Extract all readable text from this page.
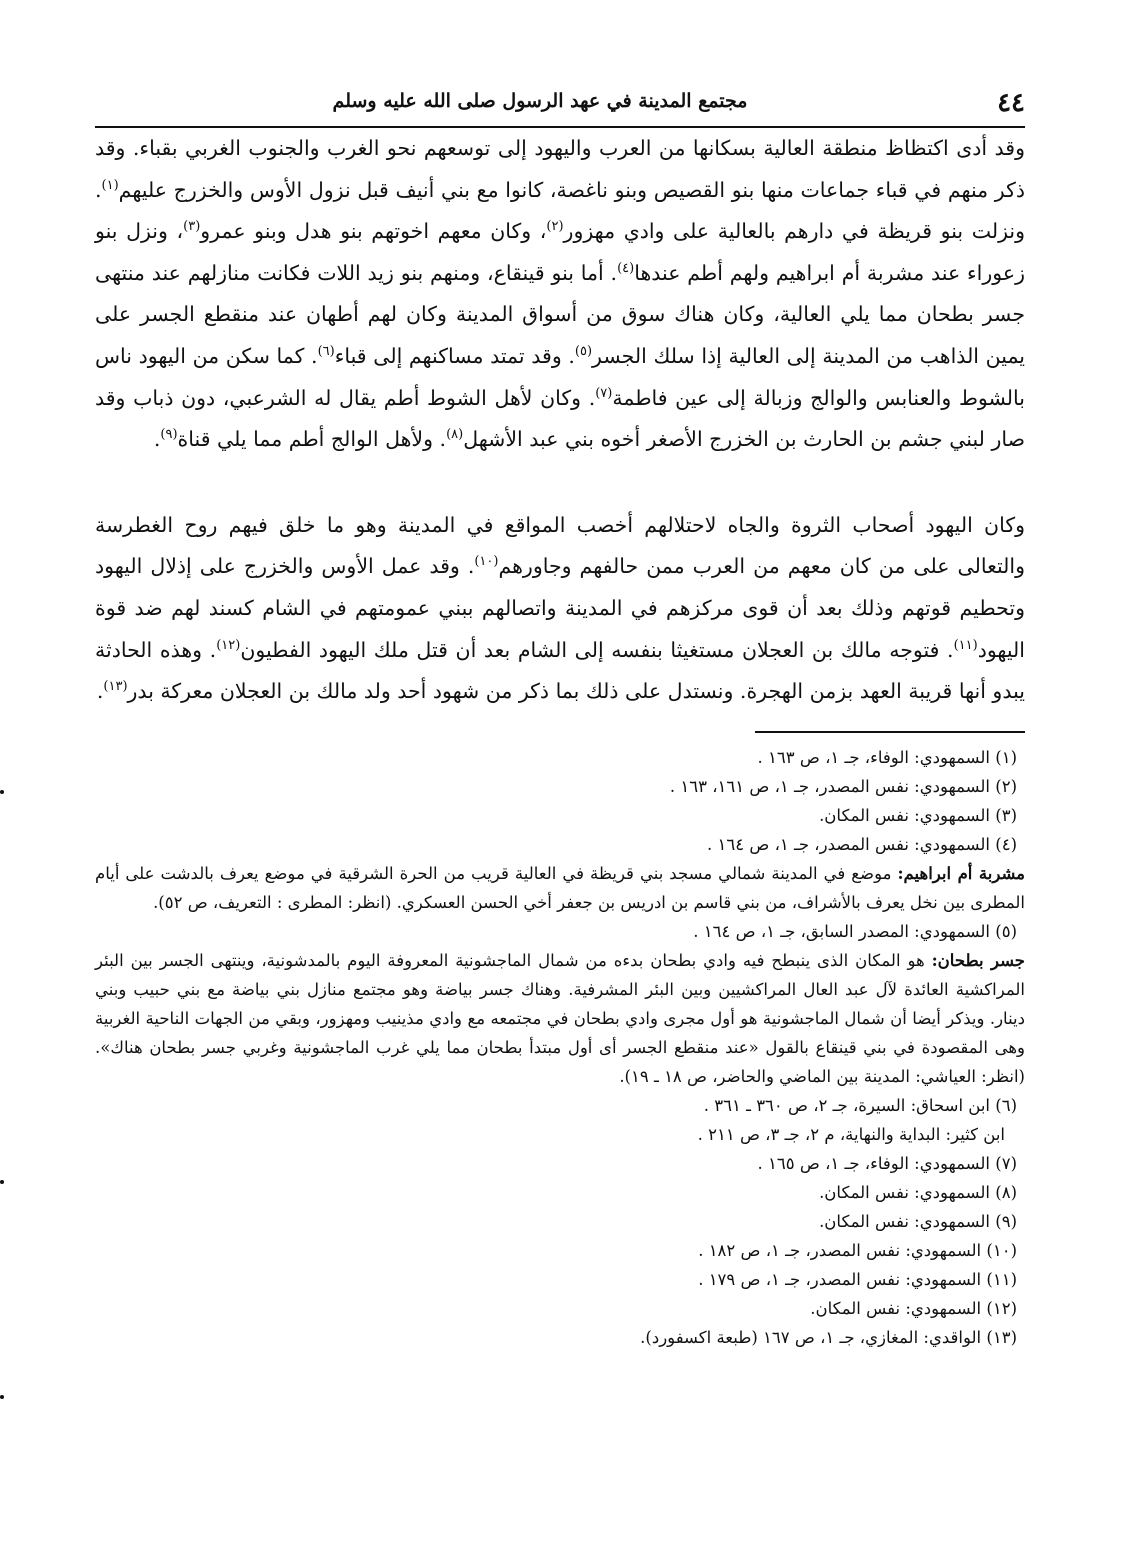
٤٤
مجتمع المدينة في عهد الرسول صلى الله عليه وسلم

وقد أدى اكتظاظ منطقة العالية بسكانها من العرب واليهود إلى توسعهم نحو الغرب والجنوب الغربي بقباء. وقد ذكر منهم في قباء جماعات منها بنو القصيص وبنو ناغصة، كانوا مع بني أنيف قبل نزول الأوس والخزرج عليهم$^{(١)}$. ونزلت بنو قريظة في دارهم بالعالية على وادي مهزور$^{(٢)}$، وكان معهم اخوتهم بنو هدل وبنو عمرو$^{(٣)}$، ونزل بنو زعوراء عند مشربة أم ابراهيم ولهم أطم عندها$^{(٤)}$. أما بنو قينقاع، ومنهم بنو زيد اللات فكانت منازلهم عند منتهى جسر بطحان مما يلي العالية، وكان هناك سوق من أسواق المدينة وكان لهم أطهان عند منقطع الجسر على يمين الذاهب من المدينة إلى العالية إذا سلك الجسر$^{(٥)}$. وقد تمتد مساكنهم إلى قباء$^{(٦)}$. كما سكن من اليهود ناس بالشوط والعنابس والوالج وزبالة إلى عين فاطمة$^{(٧)}$. وكان لأهل الشوط أطم يقال له الشرعبي، دون ذباب وقد صار لبني جشم بن الحارث بن الخزرج الأصغر أخوه بني عبد الأشهل$^{(٨)}$. ولأهل الوالج أطم مما يلي قناة$^{(٩)}$.

وكان اليهود أصحاب الثروة والجاه لاحتلالهم أخصب المواقع في المدينة وهو ما خلق فيهم روح الغطرسة والتعالى على من كان معهم من العرب ممن حالفهم وجاورهم$^{(١٠)}$. وقد عمل الأوس والخزرج على إذلال اليهود وتحطيم قوتهم وذلك بعد أن قوى مركزهم في المدينة واتصالهم ببني عمومتهم في الشام كسند لهم ضد قوة اليهود$^{(١١)}$. فتوجه مالك بن العجلان مستغيثا بنفسه إلى الشام بعد أن قتل ملك اليهود الفطيون$^{(١٢)}$. وهذه الحادثة يبدو أنها قريبة العهد بزمن الهجرة. ونستدل على ذلك بما ذكر من شهود أحد ولد مالك بن العجلان معركة بدر$^{(١٣)}$.

(١) السمهودي: الوفاء، جـ ١، ص ١٦٣ .

(٢) السمهودي: نفس المصدر، جـ ١، ص ١٦١، ١٦٣ .

(٣) السمهودي: نفس المكان.

(٤) السمهودي: نفس المصدر، جـ ١، ص ١٦٤ .

مشربة أم ابراهيم: موضع في المدينة شمالي مسجد بني قريظة في العالية قريب من الحرة الشرقية في موضع يعرف بالدشت على أيام المطرى بين نخل يعرف بالأشراف، من بني قاسم بن ادريس بن جعفر أخي الحسن العسكري. (انظر: المطرى : التعريف، ص ٥٢).

(٥) السمهودي: المصدر السابق، جـ ١، ص ١٦٤ .

جسر بطحان: هو المكان الذى ينبطح فيه وادي بطحان بدءه من شمال الماجشونية المعروفة اليوم بالمدشونية، وينتهى الجسر بين البئر المراكشية العائدة لآل عبد العال المراكشيين وبين البئر المشرفية. وهناك جسر بياضة وهو مجتمع منازل بني بياضة مع بني حبيب وبني دينار. ويذكر أيضا أن شمال الماجشونية هو أول مجرى وادي بطحان في مجتمعه مع وادي مذينيب ومهزور، وبقي من الجهات الناحية الغربية وهى المقصودة في بني قينقاع بالقول «عند منقطع الجسر أى أول مبتدأ بطحان مما يلي غرب الماجشونية وغربي جسر بطحان هناك». (انظر: العياشي: المدينة بين الماضي والحاضر، ص ١٨ ـ ١٩).

(٦) ابن اسحاق: السيرة، جـ ٢، ص ٣٦٠ ـ ٣٦١ .

ابن كثير: البداية والنهاية، م ٢، جـ ٣، ص ٢١١ .

(٧) السمهودي: الوفاء، جـ ١، ص ١٦٥ .

(٨) السمهودي: نفس المكان.

(٩) السمهودي: نفس المكان.

(١٠) السمهودي: نفس المصدر، جـ ١، ص ١٨٢ .

(١١) السمهودي: نفس المصدر، جـ ١، ص ١٧٩ .

(١٢) السمهودي: نفس المكان.

(١٣) الواقدي: المغازي، جـ ١، ص ١٦٧ (طبعة اكسفورد).
